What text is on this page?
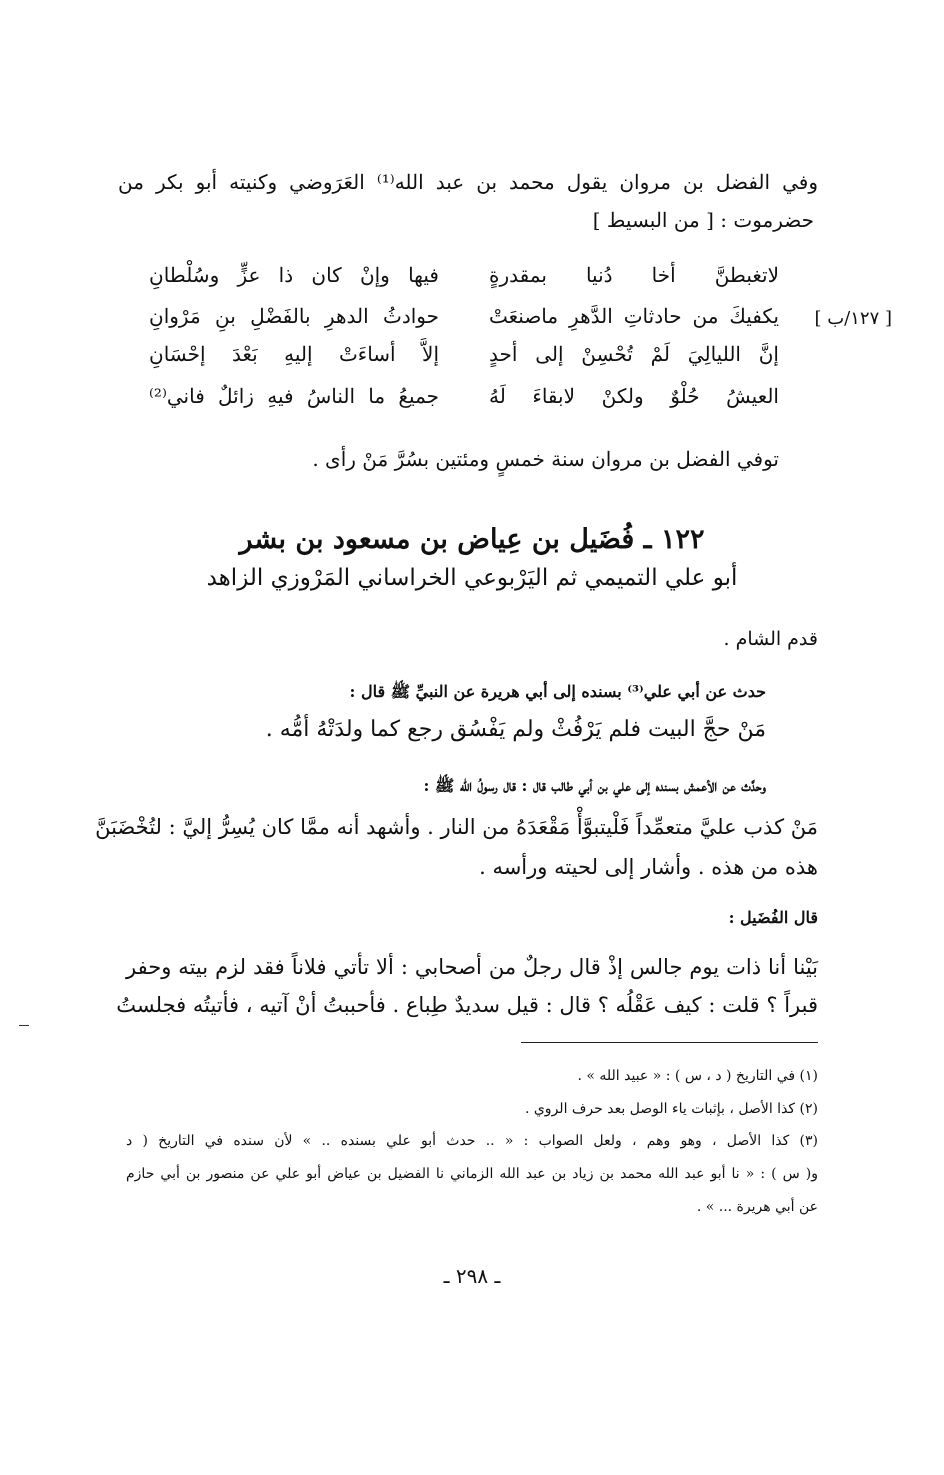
وفي الفضل بن مروان يقول محمد بن عبد الله⁽¹⁾ العَرَوضي وكنيته أبو بكر من
حضرموت : [ من البسيط ]
[ ١٢٧/ب ]
لاتغبطنَّ أخا دُنيا بمقدرةٍ
فيها وإنْ كان ذا عزٍّ وسُلْطانِ
يكفيكَ من حادثاتِ الدَّهرِ ماصنعَتْ
حوادثُ الدهرِ بالفَضْلِ بنِ مَرْوانِ
إنَّ الليالِيَ لَمْ تُحْسِنْ إلى أحدٍ
إلاَّ أساءَتْ إليهِ بَعْدَ إحْسَانِ
العيشُ حُلْوٌ ولكنْ لابقاءَ لَهُ
جميعُ ما الناسُ فيهِ زائلٌ فاني⁽²⁾
توفي الفضل بن مروان سنة خمسٍ ومئتين بسُرَّ مَنْ رأى .
١٢٢ ـ فُضَيل بن عِياض بن مسعود بن بشر
أبو علي التميمي ثم اليَرْبوعي الخراساني المَرْوزي الزاهد
قدم الشام .
حدث عن أبي علي⁽³⁾ بسنده إلى أبي هريرة عن النبيِّ ﷺ قال :
مَنْ حجَّ البيت فلم يَرْفُثْ ولم يَفْسُق رجع كما ولدَتْهُ أمُّه .
وحدَّث عن الأعمش بسنده إلى علي بن أبي طالب قال : قال رسولُ الله ﷺ :
مَنْ كذب عليَّ متعمِّداً فَلْيتبوَّأْ مَقْعَدَهُ من النار . وأشهد أنه ممَّا كان يُسِرُّ إليَّ : لتُخْضَبَنَّ
هذه من هذه . وأشار إلى لحيته ورأسه .
قال الفُضَيل :
بَيْنا أنا ذات يوم جالس إذْ قال رجلٌ من أصحابي : ألا تأتي فلاناً فقد لزم بيته وحفر
قبراً ؟ قلت : كيف عَقْلُه ؟ قال : قيل سديدٌ طِباع . فأحببتُ أنْ آتيه ، فأتيتُه فجلستُ
(١) في التاريخ ( د ، س ) : « عبيد الله » .
(٢) كذا الأصل ، بإثبات ياء الوصل بعد حرف الروي .
(٣) كذا الأصل ، وهو وهم ، ولعل الصواب : « .. حدث أبو علي بسنده .. » لأن سنده في التاريخ ( د
و( س ) : « نا أبو عبد الله محمد بن زياد بن عبد الله الزماني نا الفضيل بن عياض أبو علي عن منصور بن أبي حازم
عن أبي هريرة ... » .
ـ ٢٩٨ ـ
